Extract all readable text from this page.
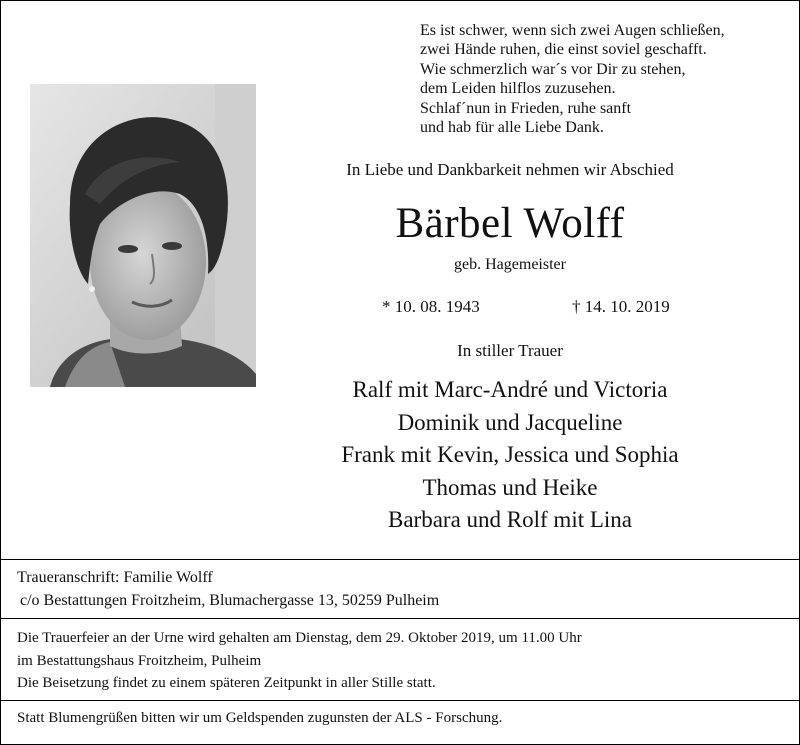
Es ist schwer, wenn sich zwei Augen schließen,
zwei Hände ruhen, die einst soviel geschafft.
Wie schmerzlich war´s vor Dir zu stehen,
dem Leiden hilflos zuzusehen.
Schlaf´nun in Frieden, ruhe sanft
und hab für alle Liebe Dank.
In Liebe und Dankbarkeit nehmen wir Abschied
Bärbel Wolff
geb. Hagemeister
* 10. 08. 1943	† 14. 10. 2019
In stiller Trauer
Ralf mit Marc-André und Victoria
Dominik und Jacqueline
Frank mit Kevin, Jessica und Sophia
Thomas und Heike
Barbara und Rolf mit Lina
Traueranschrift: Familie Wolff
c/o Bestattungen Froitzheim, Blumachergasse 13, 50259 Pulheim
Die Trauerfeier an der Urne wird gehalten am Dienstag, dem 29. Oktober 2019, um 11.00 Uhr
im Bestattungshaus Froitzheim, Pulheim
Die Beisetzung findet zu einem späteren Zeitpunkt in aller Stille statt.
Statt Blumengrüßen bitten wir um Geldspenden zugunsten der ALS - Forschung.
